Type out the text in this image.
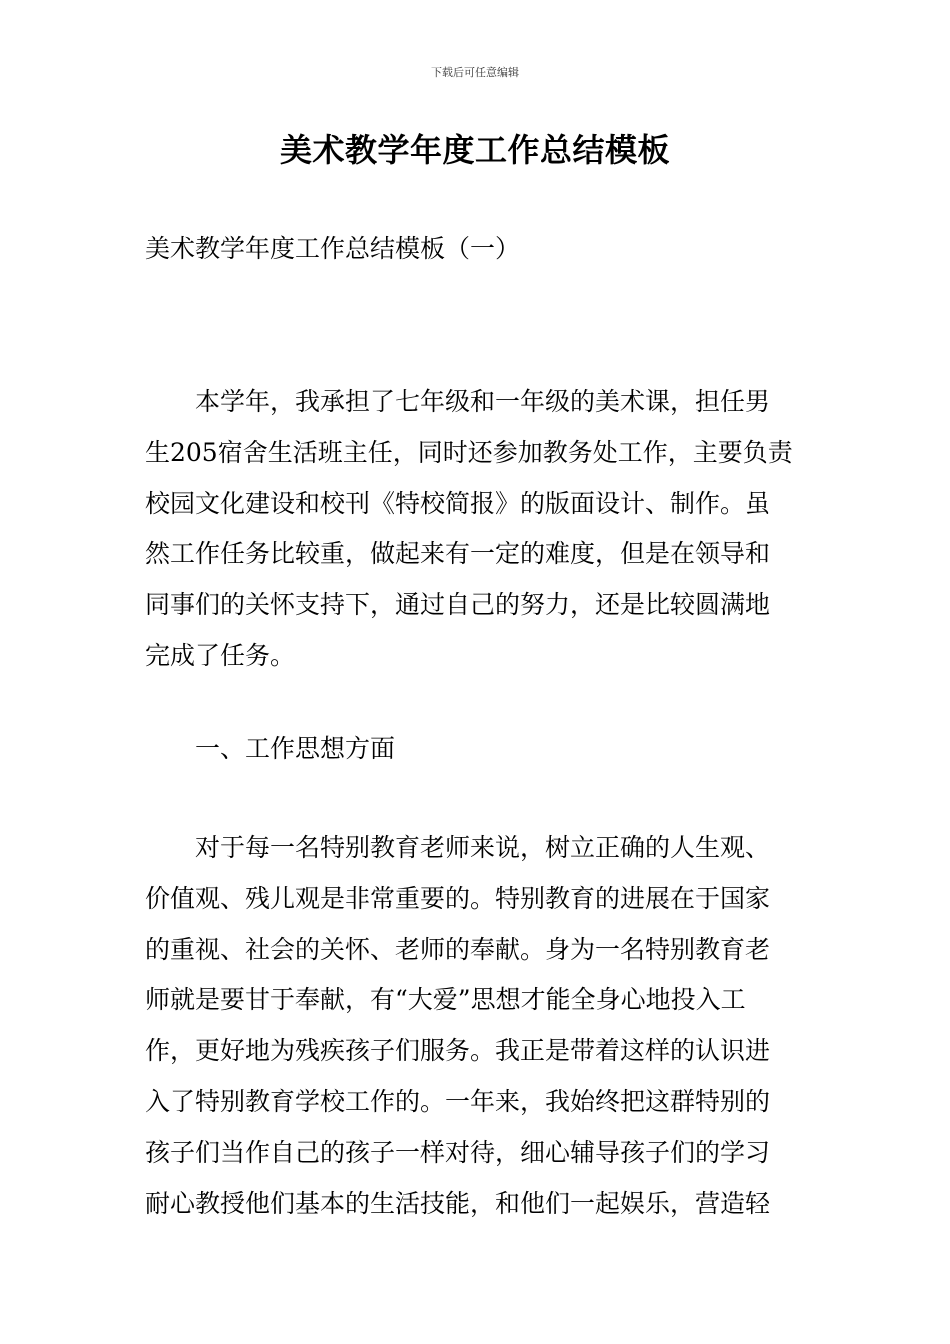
下载后可任意编辑
美术教学年度工作总结模板

美术教学年度工作总结模板（一）

本学年，我承担了七年级和一年级的美术课，担任男
生205宿舍生活班主任，同时还参加教务处工作，主要负责
校园文化建设和校刊《特校简报》的版面设计、制作。虽
然工作任务比较重，做起来有一定的难度，但是在领导和
同事们的关怀支持下，通过自己的努力，还是比较圆满地
完成了任务。

一、工作思想方面

对于每一名特别教育老师来说，树立正确的人生观、
价值观、残儿观是非常重要的。特别教育的进展在于国家
的重视、社会的关怀、老师的奉献。身为一名特别教育老
师就是要甘于奉献，有“大爱”思想才能全身心地投入工
作，更好地为残疾孩子们服务。我正是带着这样的认识进
入了特别教育学校工作的。一年来，我始终把这群特别的
孩子们当作自己的孩子一样对待，细心辅导孩子们的学习
耐心教授他们基本的生活技能，和他们一起娱乐，营造轻
